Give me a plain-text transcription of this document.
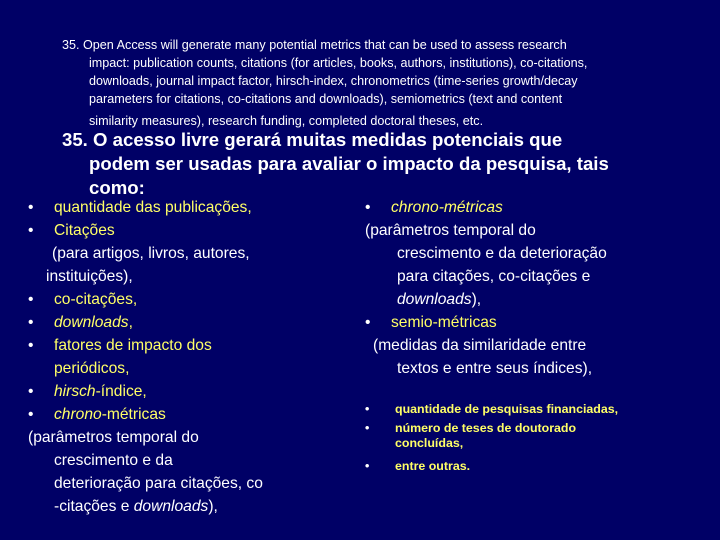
35. Open Access will generate many potential metrics that can be used to assess research
impact: publication counts, citations (for articles, books, authors, institutions), co-citations,
downloads, journal impact factor, hirsch-index, chronometrics (time-series growth/decay
parameters for citations, co-citations and downloads), semiometrics (text and content
similarity measures), research funding, completed doctoral theses, etc.
35. O acesso livre gerará muitas medidas potenciais que
podem ser usadas para avaliar o impacto da pesquisa, tais
como:
• quantidade das publicações,
• Citações
(para artigos, livros, autores,
instituições),
• co-citações,
• downloads,
• fatores de impacto dos
periódicos,
• hirsch-índice,
• chrono-métricas
(parâmetros temporal do
crescimento e da
deterioração para citações, co
-citações e downloads),
• chrono-métricas
(parâmetros temporal do
crescimento e da deterioração
para citações, co-citações e
downloads),
• semio-métricas
(medidas da similaridade entre
textos e entre seus índices),
•	quantidade de pesquisas financiadas,
•	número de teses de doutorado
concluídas,
•	entre outras.
